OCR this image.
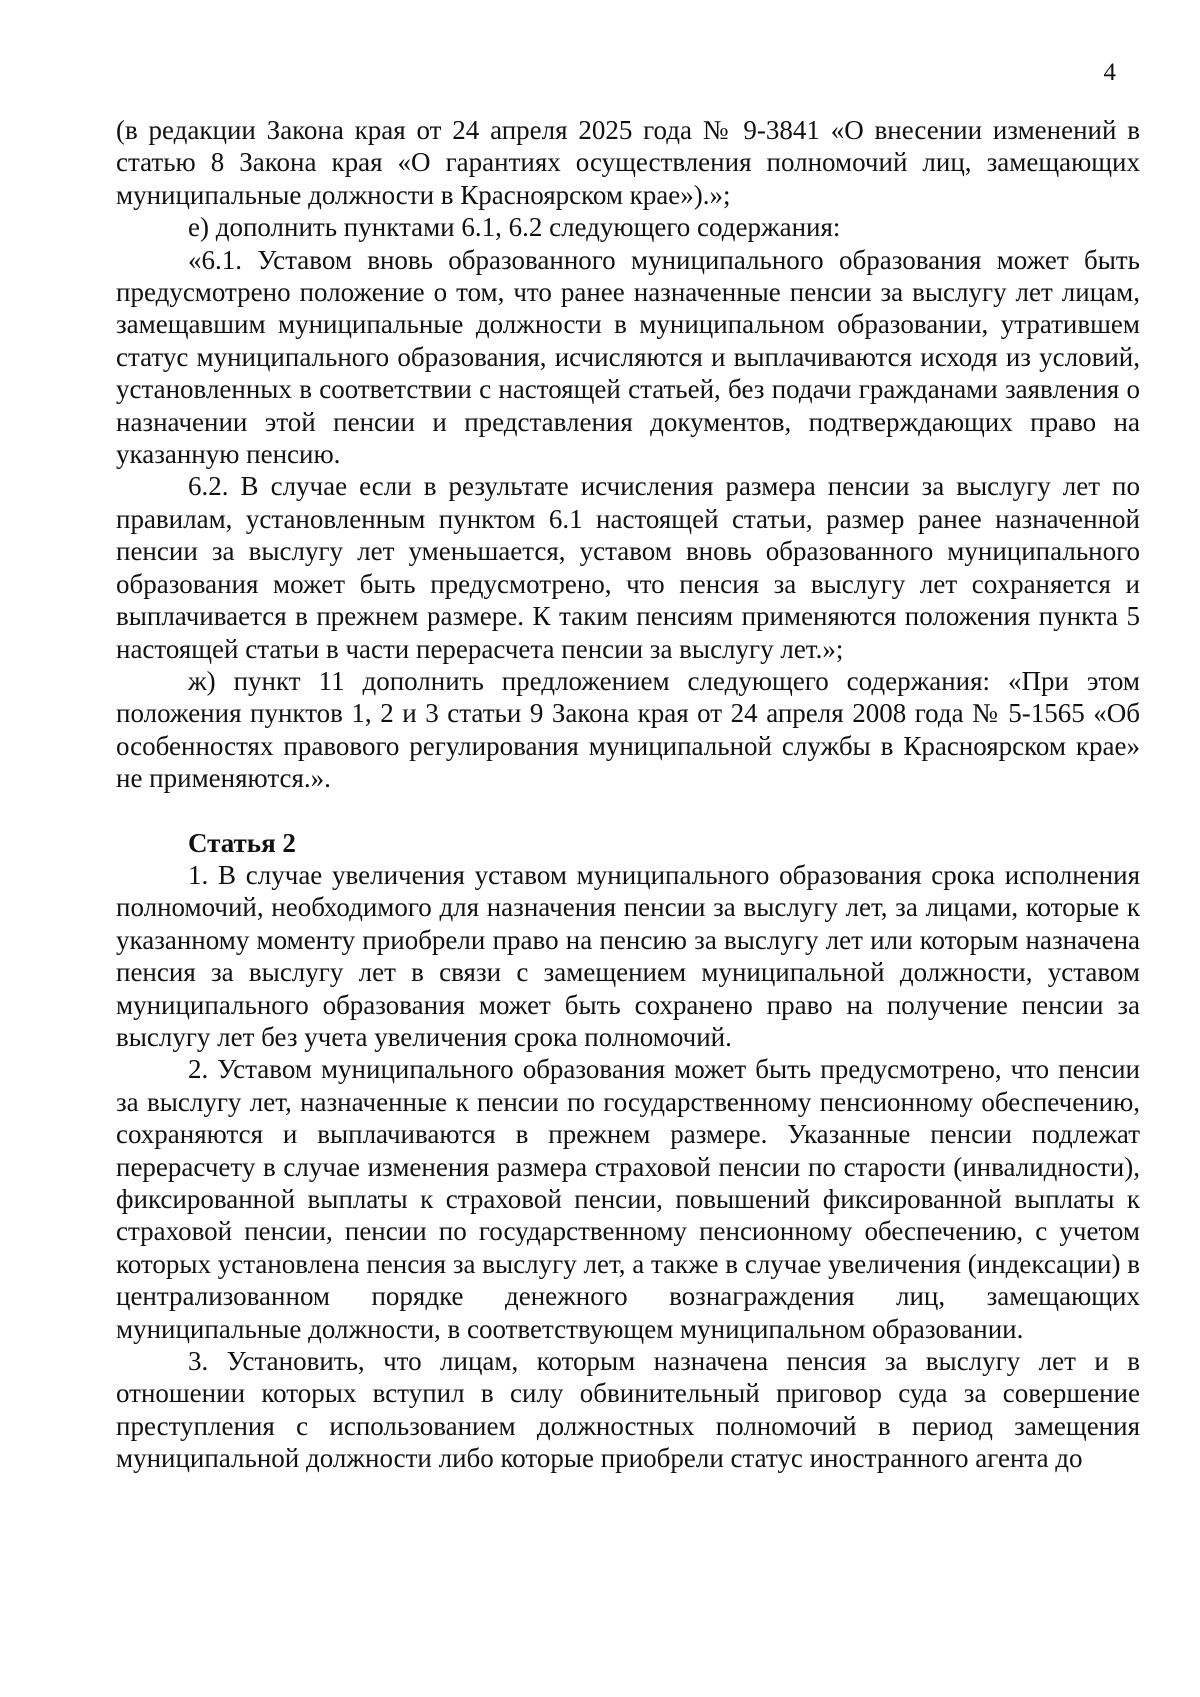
4

(в редакции Закона края от 24 апреля 2025 года № 9-3841 «О внесении изменений в статью 8 Закона края «О гарантиях осуществления полномочий лиц, замещающих муниципальные должности в Красноярском крае»).»;

е) дополнить пунктами 6.1, 6.2 следующего содержания:

«6.1. Уставом вновь образованного муниципального образования может быть предусмотрено положение о том, что ранее назначенные пенсии за выслугу лет лицам, замещавшим муниципальные должности в муниципальном образовании, утратившем статус муниципального образования, исчисляются и выплачиваются исходя из условий, установленных в соответствии с настоящей статьей, без подачи гражданами заявления о назначении этой пенсии и представления документов, подтверждающих право на указанную пенсию.

6.2. В случае если в результате исчисления размера пенсии за выслугу лет по правилам, установленным пунктом 6.1 настоящей статьи, размер ранее назначенной пенсии за выслугу лет уменьшается, уставом вновь образованного муниципального образования может быть предусмотрено, что пенсия за выслугу лет сохраняется и выплачивается в прежнем размере. К таким пенсиям применяются положения пункта 5 настоящей статьи в части перерасчета пенсии за выслугу лет.»;

ж) пункт 11 дополнить предложением следующего содержания: «При этом положения пунктов 1, 2 и 3 статьи 9 Закона края от 24 апреля 2008 года № 5-1565 «Об особенностях правового регулирования муниципальной службы в Красноярском крае» не применяются.».

Статья 2

1. В случае увеличения уставом муниципального образования срока исполнения полномочий, необходимого для назначения пенсии за выслугу лет, за лицами, которые к указанному моменту приобрели право на пенсию за выслугу лет или которым назначена пенсия за выслугу лет в связи с замещением муниципальной должности, уставом муниципального образования может быть сохранено право на получение пенсии за выслугу лет без учета увеличения срока полномочий.

2. Уставом муниципального образования может быть предусмотрено, что пенсии за выслугу лет, назначенные к пенсии по государственному пенсионному обеспечению, сохраняются и выплачиваются в прежнем размере. Указанные пенсии подлежат перерасчету в случае изменения размера страховой пенсии по старости (инвалидности), фиксированной выплаты к страховой пенсии, повышений фиксированной выплаты к страховой пенсии, пенсии по государственному пенсионному обеспечению, с учетом которых установлена пенсия за выслугу лет, а также в случае увеличения (индексации) в централизованном порядке денежного вознаграждения лиц, замещающих муниципальные должности, в соответствующем муниципальном образовании.

3. Установить, что лицам, которым назначена пенсия за выслугу лет и в отношении которых вступил в силу обвинительный приговор суда за совершение преступления с использованием должностных полномочий в период замещения муниципальной должности либо которые приобрели статус иностранного агента до
